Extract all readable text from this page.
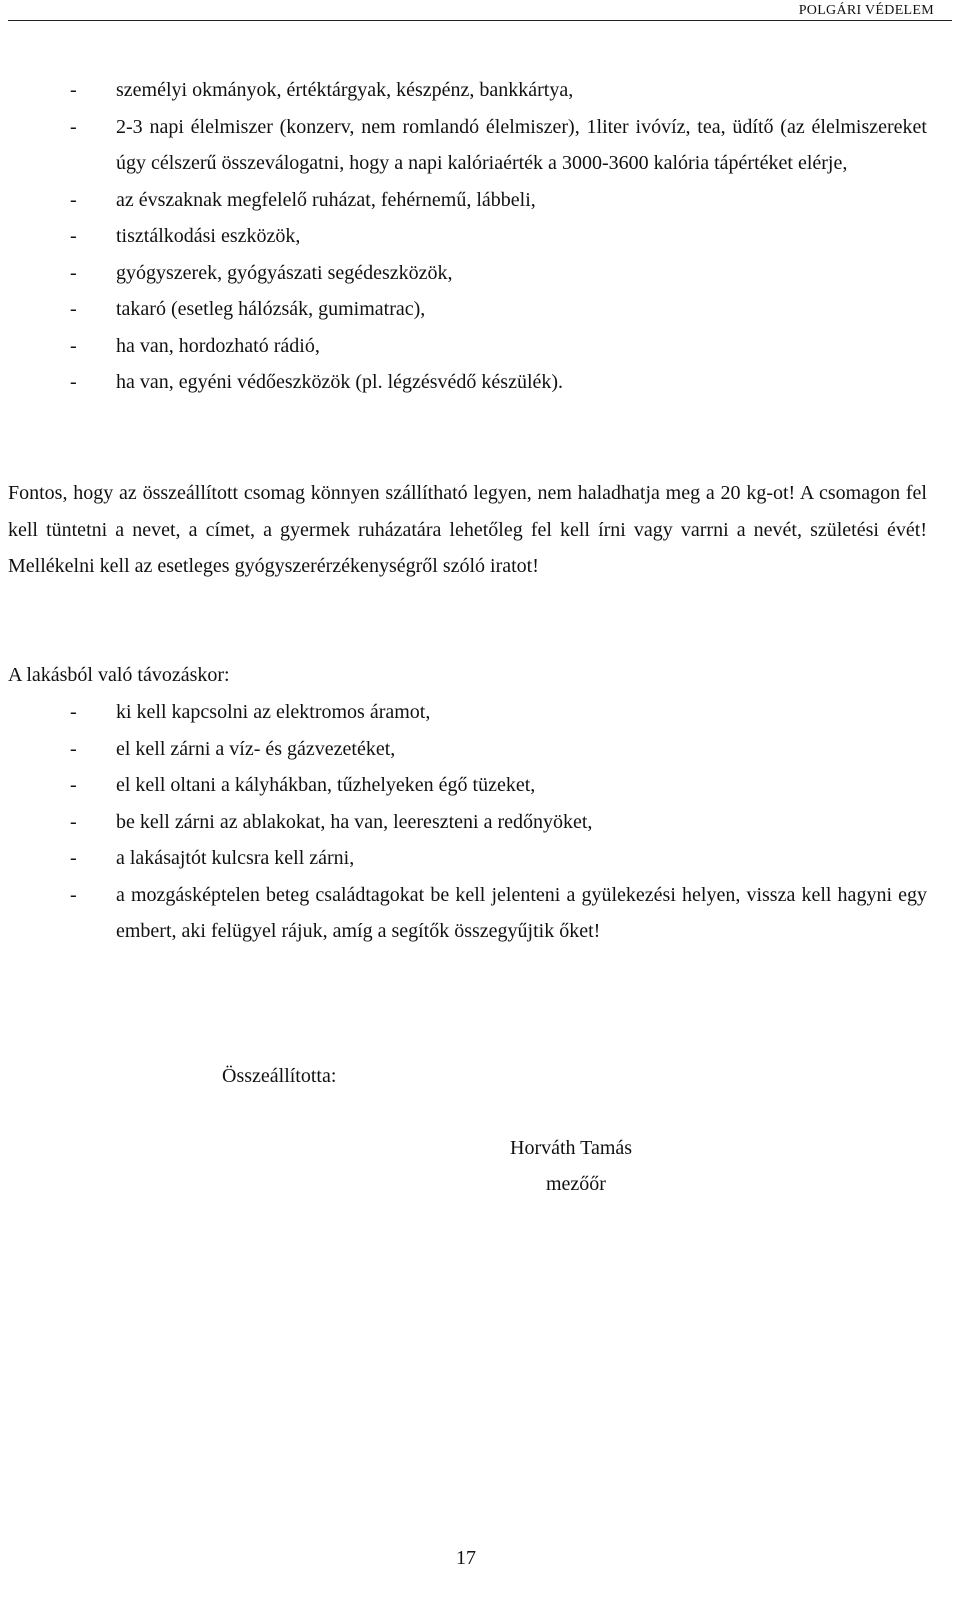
POLGÁRI VÉDELEM
- személyi okmányok, értéktárgyak, készpénz, bankkártya,
- 2-3 napi élelmiszer (konzerv, nem romlandó élelmiszer), 1liter ivóvíz, tea, üdítő (az élelmiszereket úgy célszerű összeválogatni, hogy a napi kalóriaérték a 3000-3600 kalória tápértéket elérje,
- az évszaknak megfelelő ruházat, fehérnemű, lábbeli,
- tisztálkodási eszközök,
- gyógyszerek, gyógyászati segédeszközök,
- takaró (esetleg hálózsák, gumimatrac),
- ha van, hordozható rádió,
- ha van, egyéni védőeszközök (pl. légzésvédő készülék).

Fontos, hogy az összeállított csomag könnyen szállítható legyen, nem haladhatja meg a 20 kg-ot! A csomagon fel kell tüntetni a nevet, a címet, a gyermek ruházatára lehetőleg fel kell írni vagy varrni a nevét, születési évét! Mellékelni kell az esetleges gyógyszerérzékenységről szóló iratot!

A lakásból való távozáskor:

- ki kell kapcsolni az elektromos áramot,
- el kell zárni a víz- és gázvezetéket,
- el kell oltani a kályhákban, tűzhelyeken égő tüzeket,
- be kell zárni az ablakokat, ha van, leereszteni a redőnyöket,
- a lakásajtót kulcsra kell zárni,
- a mozgásképtelen beteg családtagokat be kell jelenteni a gyülekezési helyen, vissza kell hagyni egy embert, aki felügyel rájuk, amíg a segítők összegyűjtik őket!

Összeállította:

Horváth Tamás

mezőőr

17
